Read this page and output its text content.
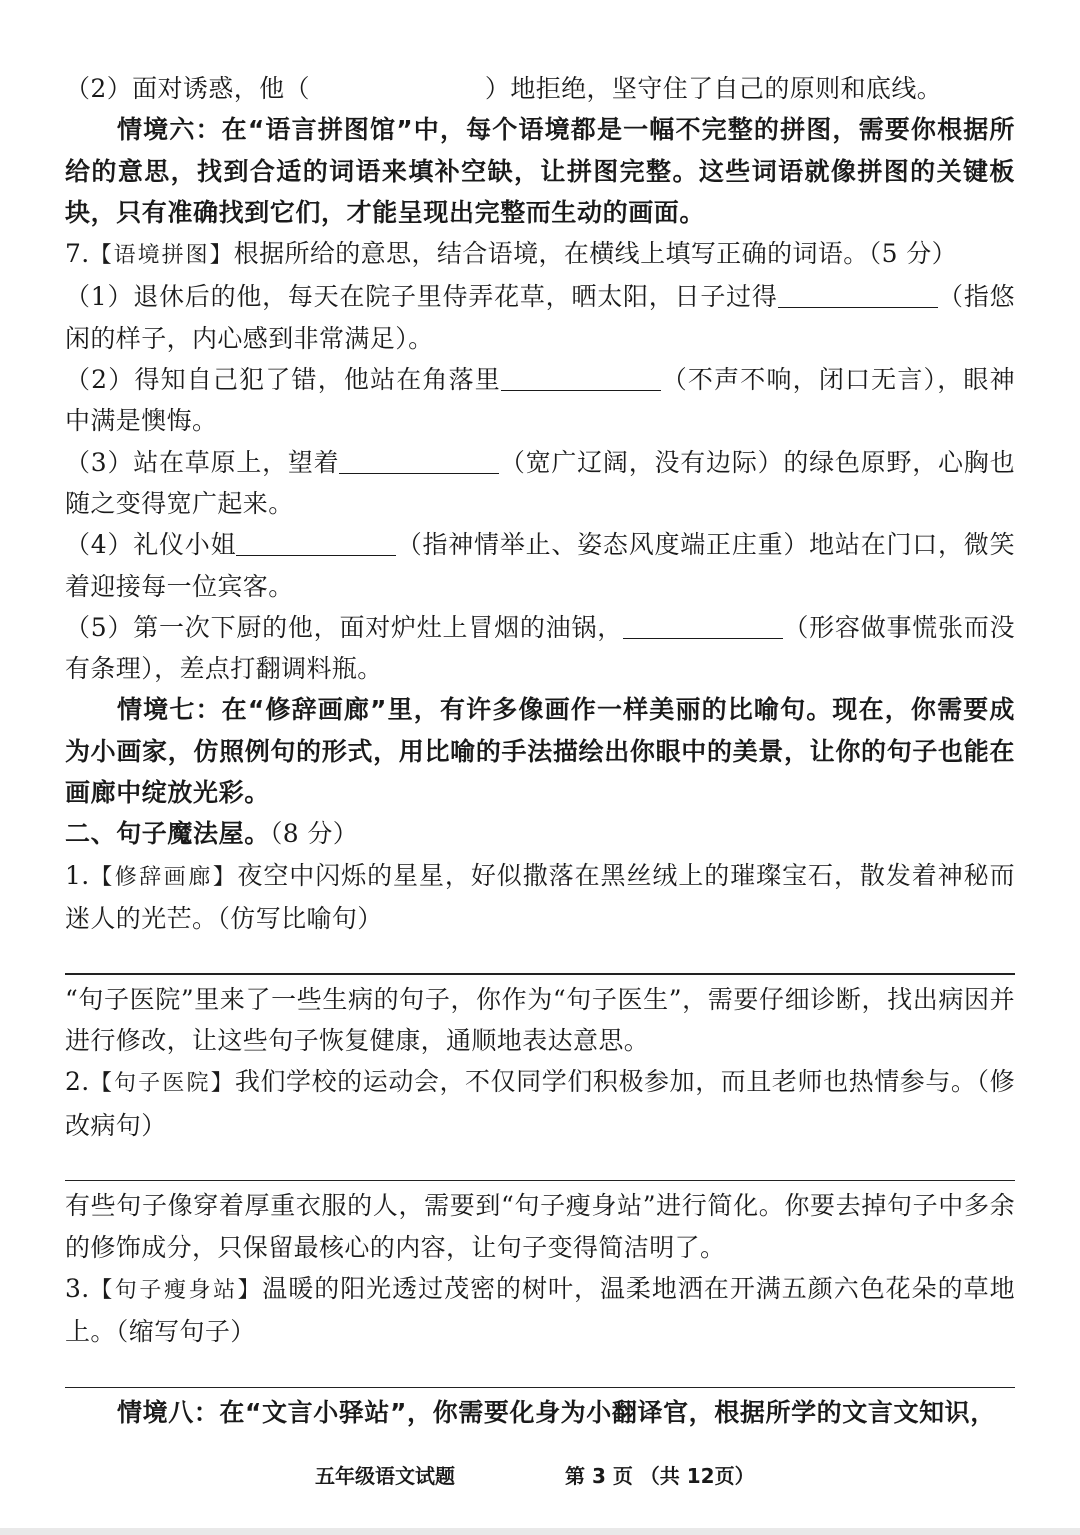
（2）面对诱惑，他（	）地拒绝，坚守住了自己的原则和底线。

情境六：在“语言拼图馆”中，每个语境都是一幅不完整的拼图，需要你根据所给的意思，找到合适的词语来填补空缺，让拼图完整。这些词语就像拼图的关键板块，只有准确找到它们，才能呈现出完整而生动的画面。

7.【语境拼图】根据所给的意思，结合语境，在横线上填写正确的词语。（5 分）

（1）退休后的他，每天在院子里侍弄花草，晒太阳，日子过得	（指悠闲的样子，内心感到非常满足）。

（2）得知自己犯了错，他站在角落里	（不声不响，闭口无言），眼神中满是懊悔。

（3）站在草原上，望着	（宽广辽阔，没有边际）的绿色原野，心胸也随之变得宽广起来。

（4）礼仪小姐	（指神情举止、姿态风度端正庄重）地站在门口，微笑着迎接每一位宾客。

（5）第一次下厨的他，面对炉灶上冒烟的油锅，	（形容做事慌张而没有条理），差点打翻调料瓶。

情境七：在“修辞画廊”里，有许多像画作一样美丽的比喻句。现在，你需要成为小画家，仿照例句的形式，用比喻的手法描绘出你眼中的美景，让你的句子也能在画廊中绽放光彩。

二、句子魔法屋。（8 分）

1.【修辞画廊】夜空中闪烁的星星，好似撒落在黑丝绒上的璀璨宝石，散发着神秘而迷人的光芒。（仿写比喻句）

“句子医院”里来了一些生病的句子，你作为“句子医生”，需要仔细诊断，找出病因并进行修改，让这些句子恢复健康，通顺地表达意思。

2.【句子医院】我们学校的运动会，不仅同学们积极参加，而且老师也热情参与。（修改病句）

有些句子像穿着厚重衣服的人，需要到“句子瘦身站”进行简化。你要去掉句子中多余的修饰成分，只保留最核心的内容，让句子变得简洁明了。

3.【句子瘦身站】温暖的阳光透过茂密的树叶，温柔地洒在开满五颜六色花朵的草地上。（缩写句子）

情境八：在“文言小驿站”，你需要化身为小翻译官，根据所学的文言文知识，

五年级语文试题	第 3 页 （共 12页）
